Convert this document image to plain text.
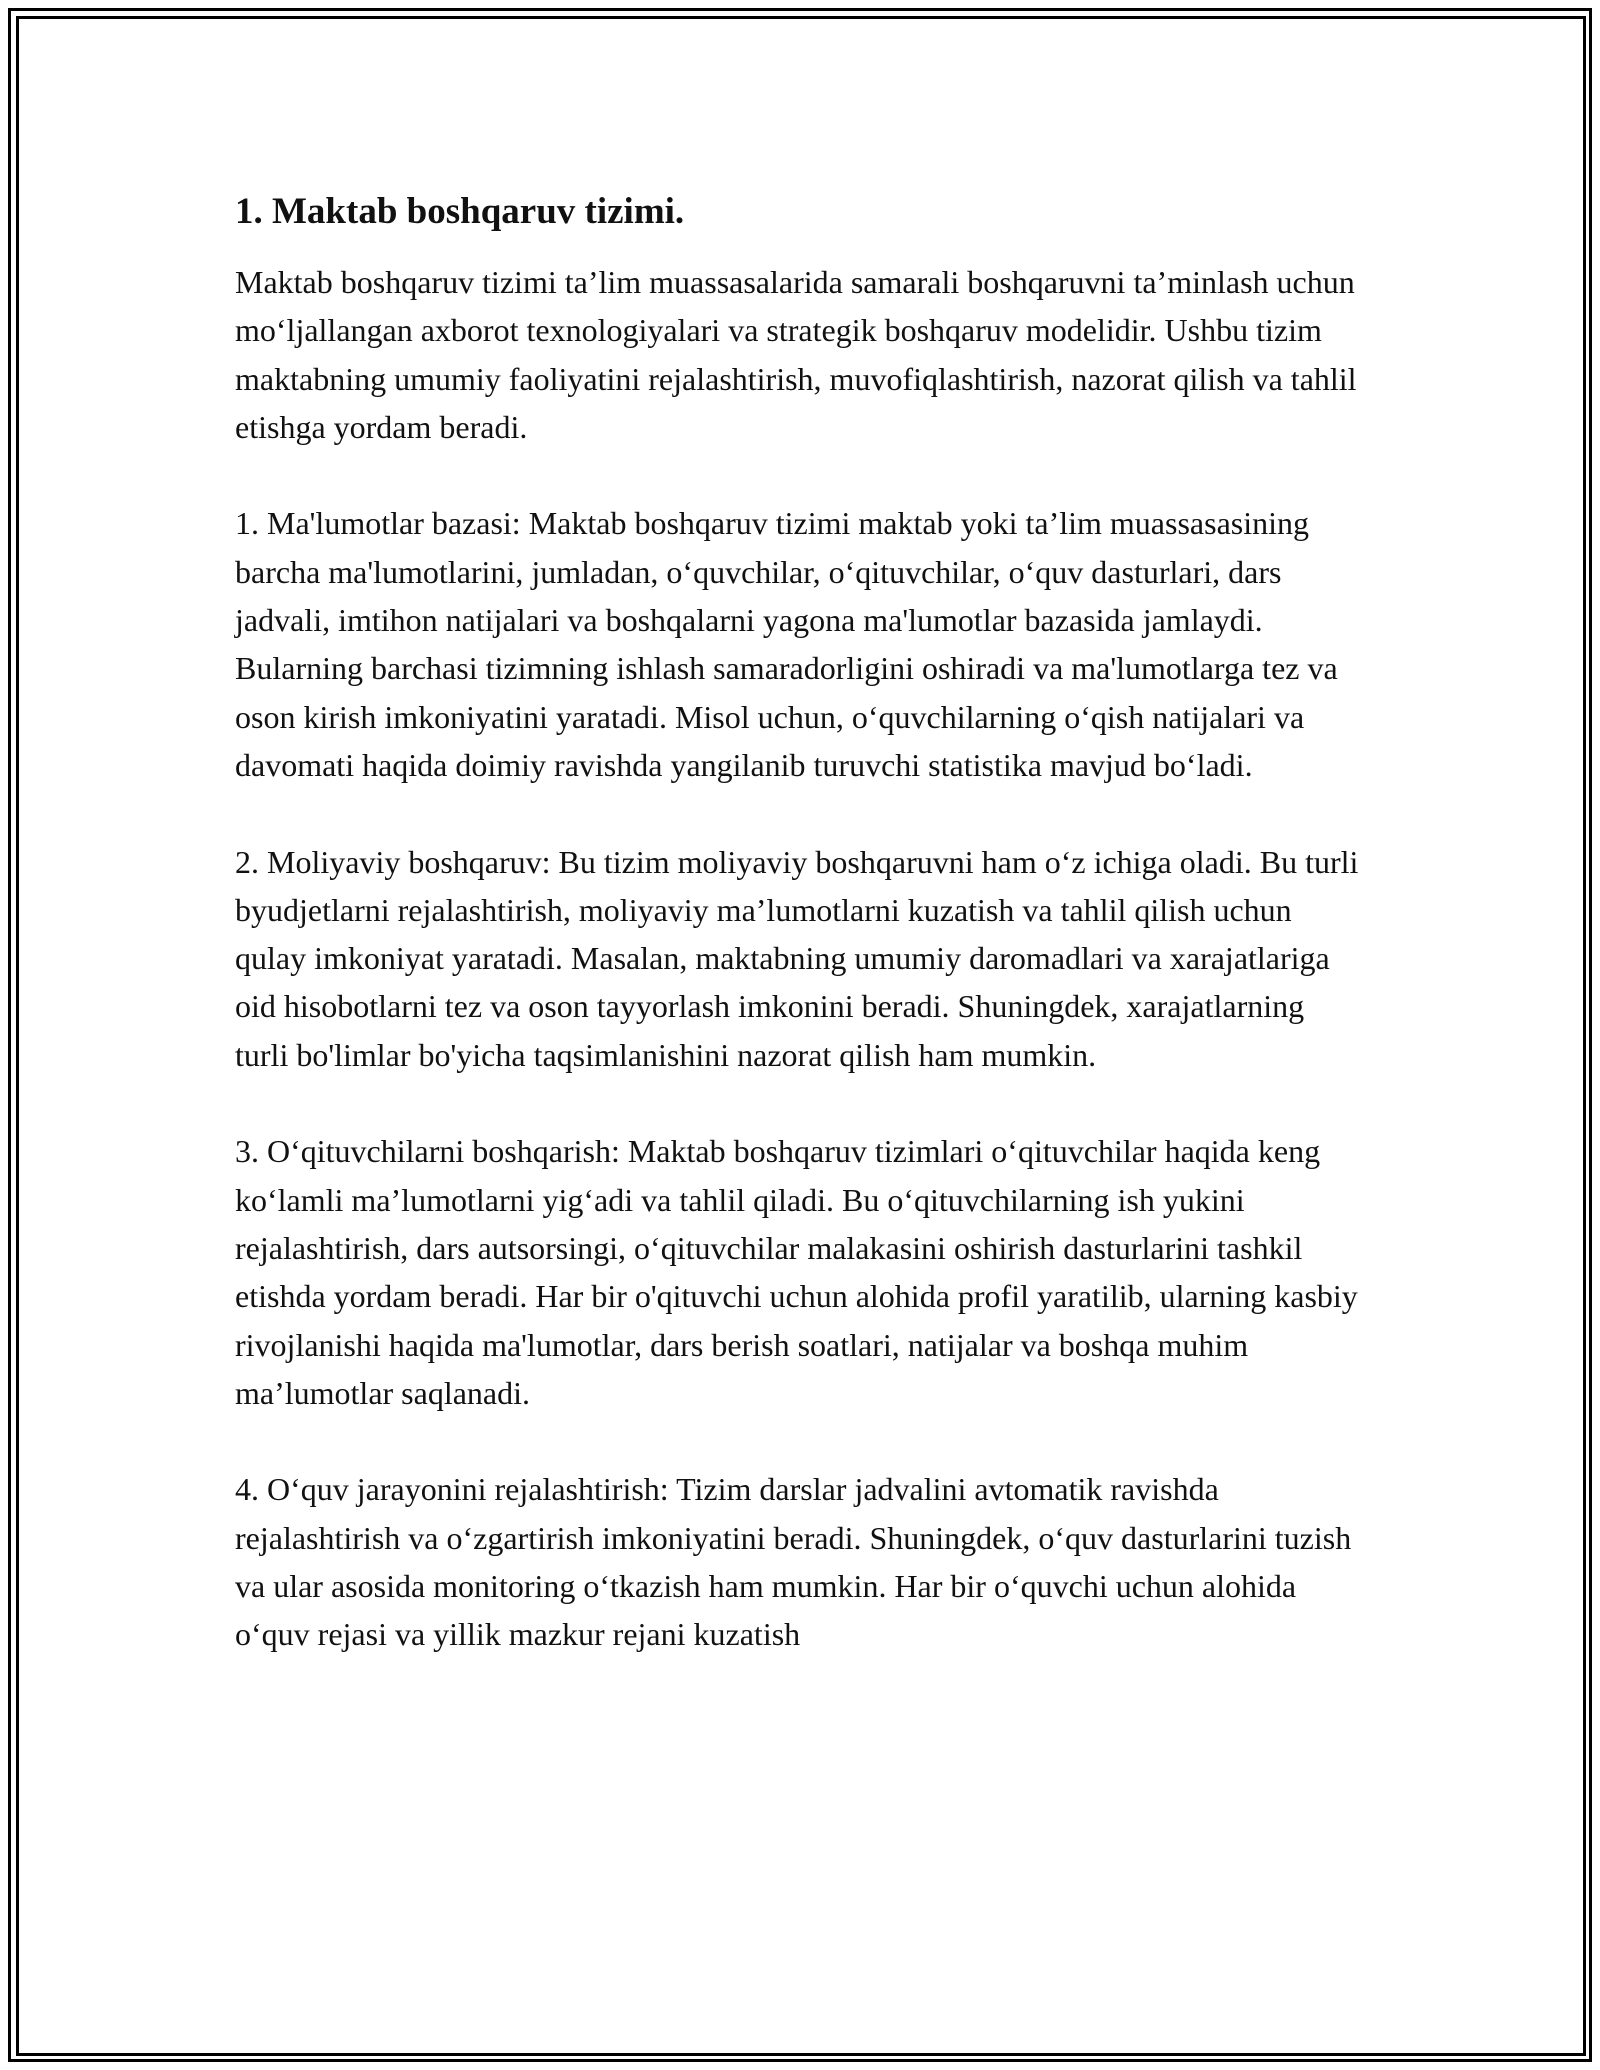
1. Maktab boshqaruv tizimi.

Maktab boshqaruv tizimi ta’lim muassasalarida samarali boshqaruvni ta’minlash uchun mo‘ljallangan axborot texnologiyalari va strategik boshqaruv modelidir. Ushbu tizim maktabning umumiy faoliyatini rejalashtirish, muvofiqlashtirish, nazorat qilish va tahlil etishga yordam beradi.

1. Ma'lumotlar bazasi: Maktab boshqaruv tizimi maktab yoki ta’lim muassasasining barcha ma'lumotlarini, jumladan, o‘quvchilar, o‘qituvchilar, o‘quv dasturlari, dars jadvali, imtihon natijalari va boshqalarni yagona ma'lumotlar bazasida jamlaydi. Bularning barchasi tizimning ishlash samaradorligini oshiradi va ma'lumotlarga tez va oson kirish imkoniyatini yaratadi. Misol uchun, o‘quvchilarning o‘qish natijalari va davomati haqida doimiy ravishda yangilanib turuvchi statistika mavjud bo‘ladi.

2. Moliyaviy boshqaruv: Bu tizim moliyaviy boshqaruvni ham o‘z ichiga oladi. Bu turli byudjetlarni rejalashtirish, moliyaviy ma’lumotlarni kuzatish va tahlil qilish uchun qulay imkoniyat yaratadi. Masalan, maktabning umumiy daromadlari va xarajatlariga oid hisobotlarni tez va oson tayyorlash imkonini beradi. Shuningdek, xarajatlarning turli bo'limlar bo'yicha taqsimlanishini nazorat qilish ham mumkin.

3. O‘qituvchilarni boshqarish: Maktab boshqaruv tizimlari o‘qituvchilar haqida keng ko‘lamli ma’lumotlarni yig‘adi va tahlil qiladi. Bu o‘qituvchilarning ish yukini rejalashtirish, dars autsorsingi, o‘qituvchilar malakasini oshirish dasturlarini tashkil etishda yordam beradi. Har bir o'qituvchi uchun alohida profil yaratilib, ularning kasbiy rivojlanishi haqida ma'lumotlar, dars berish soatlari, natijalar va boshqa muhim ma’lumotlar saqlanadi.

4. O‘quv jarayonini rejalashtirish: Tizim darslar jadvalini avtomatik ravishda rejalashtirish va o‘zgartirish imkoniyatini beradi. Shuningdek, o‘quv dasturlarini tuzish va ular asosida monitoring o‘tkazish ham mumkin. Har bir o‘quvchi uchun alohida o‘quv rejasi va yillik mazkur rejani kuzatish
